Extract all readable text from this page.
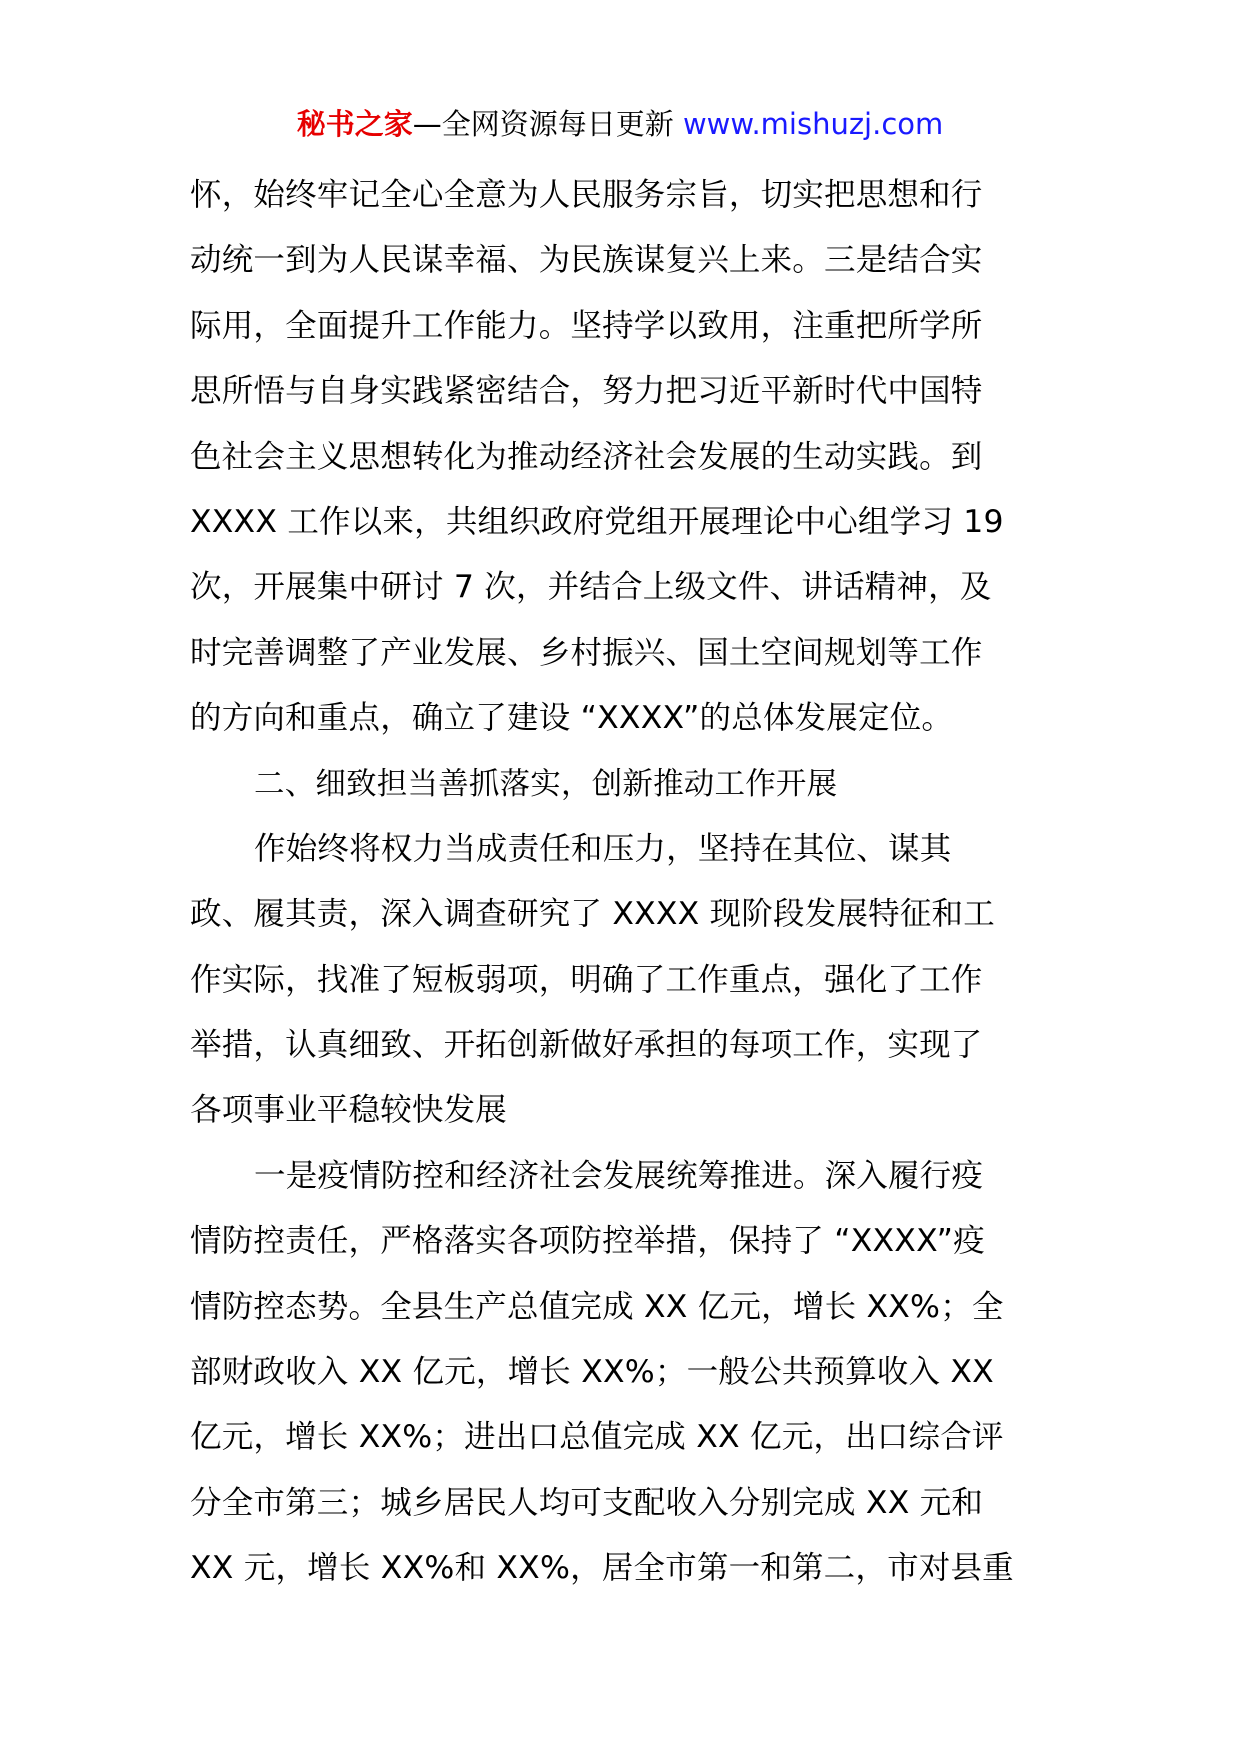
秘书之家—全网资源每日更新 www.mishuzj.com
怀，始终牢记全心全意为人民服务宗旨，切实把思想和行
动统一到为人民谋幸福、为民族谋复兴上来。三是结合实
际用，全面提升工作能力。坚持学以致用，注重把所学所
思所悟与自身实践紧密结合，努力把习近平新时代中国特
色社会主义思想转化为推动经济社会发展的生动实践。到
XXXX 工作以来，共组织政府党组开展理论中心组学习 19
次，开展集中研讨 7 次，并结合上级文件、讲话精神，及
时完善调整了产业发展、乡村振兴、国土空间规划等工作
的方向和重点，确立了建设 “XXXX”的总体发展定位。
二、细致担当善抓落实，创新推动工作开展
作始终将权力当成责任和压力，坚持在其位、谋其
政、履其责，深入调查研究了 XXXX 现阶段发展特征和工
作实际，找准了短板弱项，明确了工作重点，强化了工作
举措，认真细致、开拓创新做好承担的每项工作，实现了
各项事业平稳较快发展
一是疫情防控和经济社会发展统筹推进。深入履行疫
情防控责任，严格落实各项防控举措，保持了 “XXXX”疫
情防控态势。全县生产总值完成 XX 亿元，增长 XX%；全
部财政收入 XX 亿元，增长 XX%；一般公共预算收入 XX
亿元，增长 XX%；进出口总值完成 XX 亿元，出口综合评
分全市第三；城乡居民人均可支配收入分别完成 XX 元和
XX 元，增长 XX%和 XX%，居全市第一和第二，市对县重
